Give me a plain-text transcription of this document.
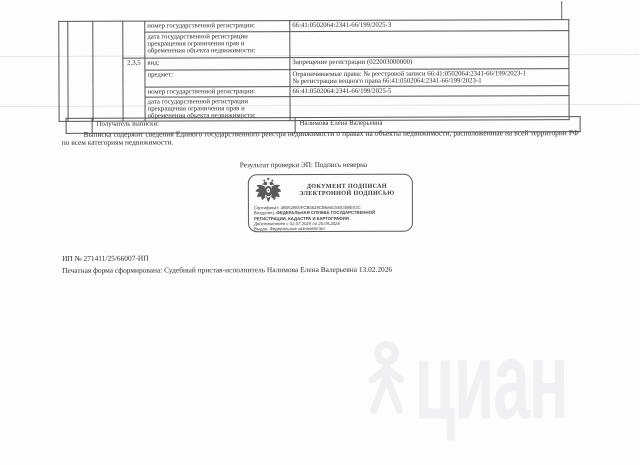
циан

				номер государственной регистрации:	66:41:0502064:2341-66/199/2025-3

				дата государственной регистрации
прекращения ограничения прав и
обременения объекта недвижимости:	

			2,3,5	вид:	Запрещение регистрации (022003000000)

				предмет:	Ограничиваемые права: № реестровой записи 66:41:0502064:2341-66/199/2023-1
№ регистрации вещного права 66:41:0502064:2341-66/199/2023-1

				номер государственной регистрации:	66:41:0502064:2341-66/199/2025-5

				дата государственной регистрации
прекращения ограничения прав и
обременения объекта недвижимости:	

	Получатель выписки:	Налимова Елена Валерьевна
Выписка содержит сведения Единого государственного реестра недвижимости о правах на объекты недвижимости, расположенные на всей территории РФ по всем категориям недвижимости.
Результат проверки ЭП: Подпись неверна
ДОКУМЕНТ ПОДПИСАН
ЭЛЕКТРОННОЙ ПОДПИСЬЮ
Сертификат: 4B052B00FCB4629CB686C65035BE03C
Владелец: ФЕДЕРАЛЬНАЯ СЛУЖБА ГОСУДАРСТВЕННОЙ РЕГИСТРАЦИИ, КАДАСТРА И КАРТОГРАФИИ
Действителен с 02.07.2025 по 25.09.2026
Выдан: Федеральное казначейство
ИП № 271411/25/66007-ИП
Печатная форма сформирована: Судебный пристав-исполнитель Налимова Елена Валерьевна 13.02.2026
